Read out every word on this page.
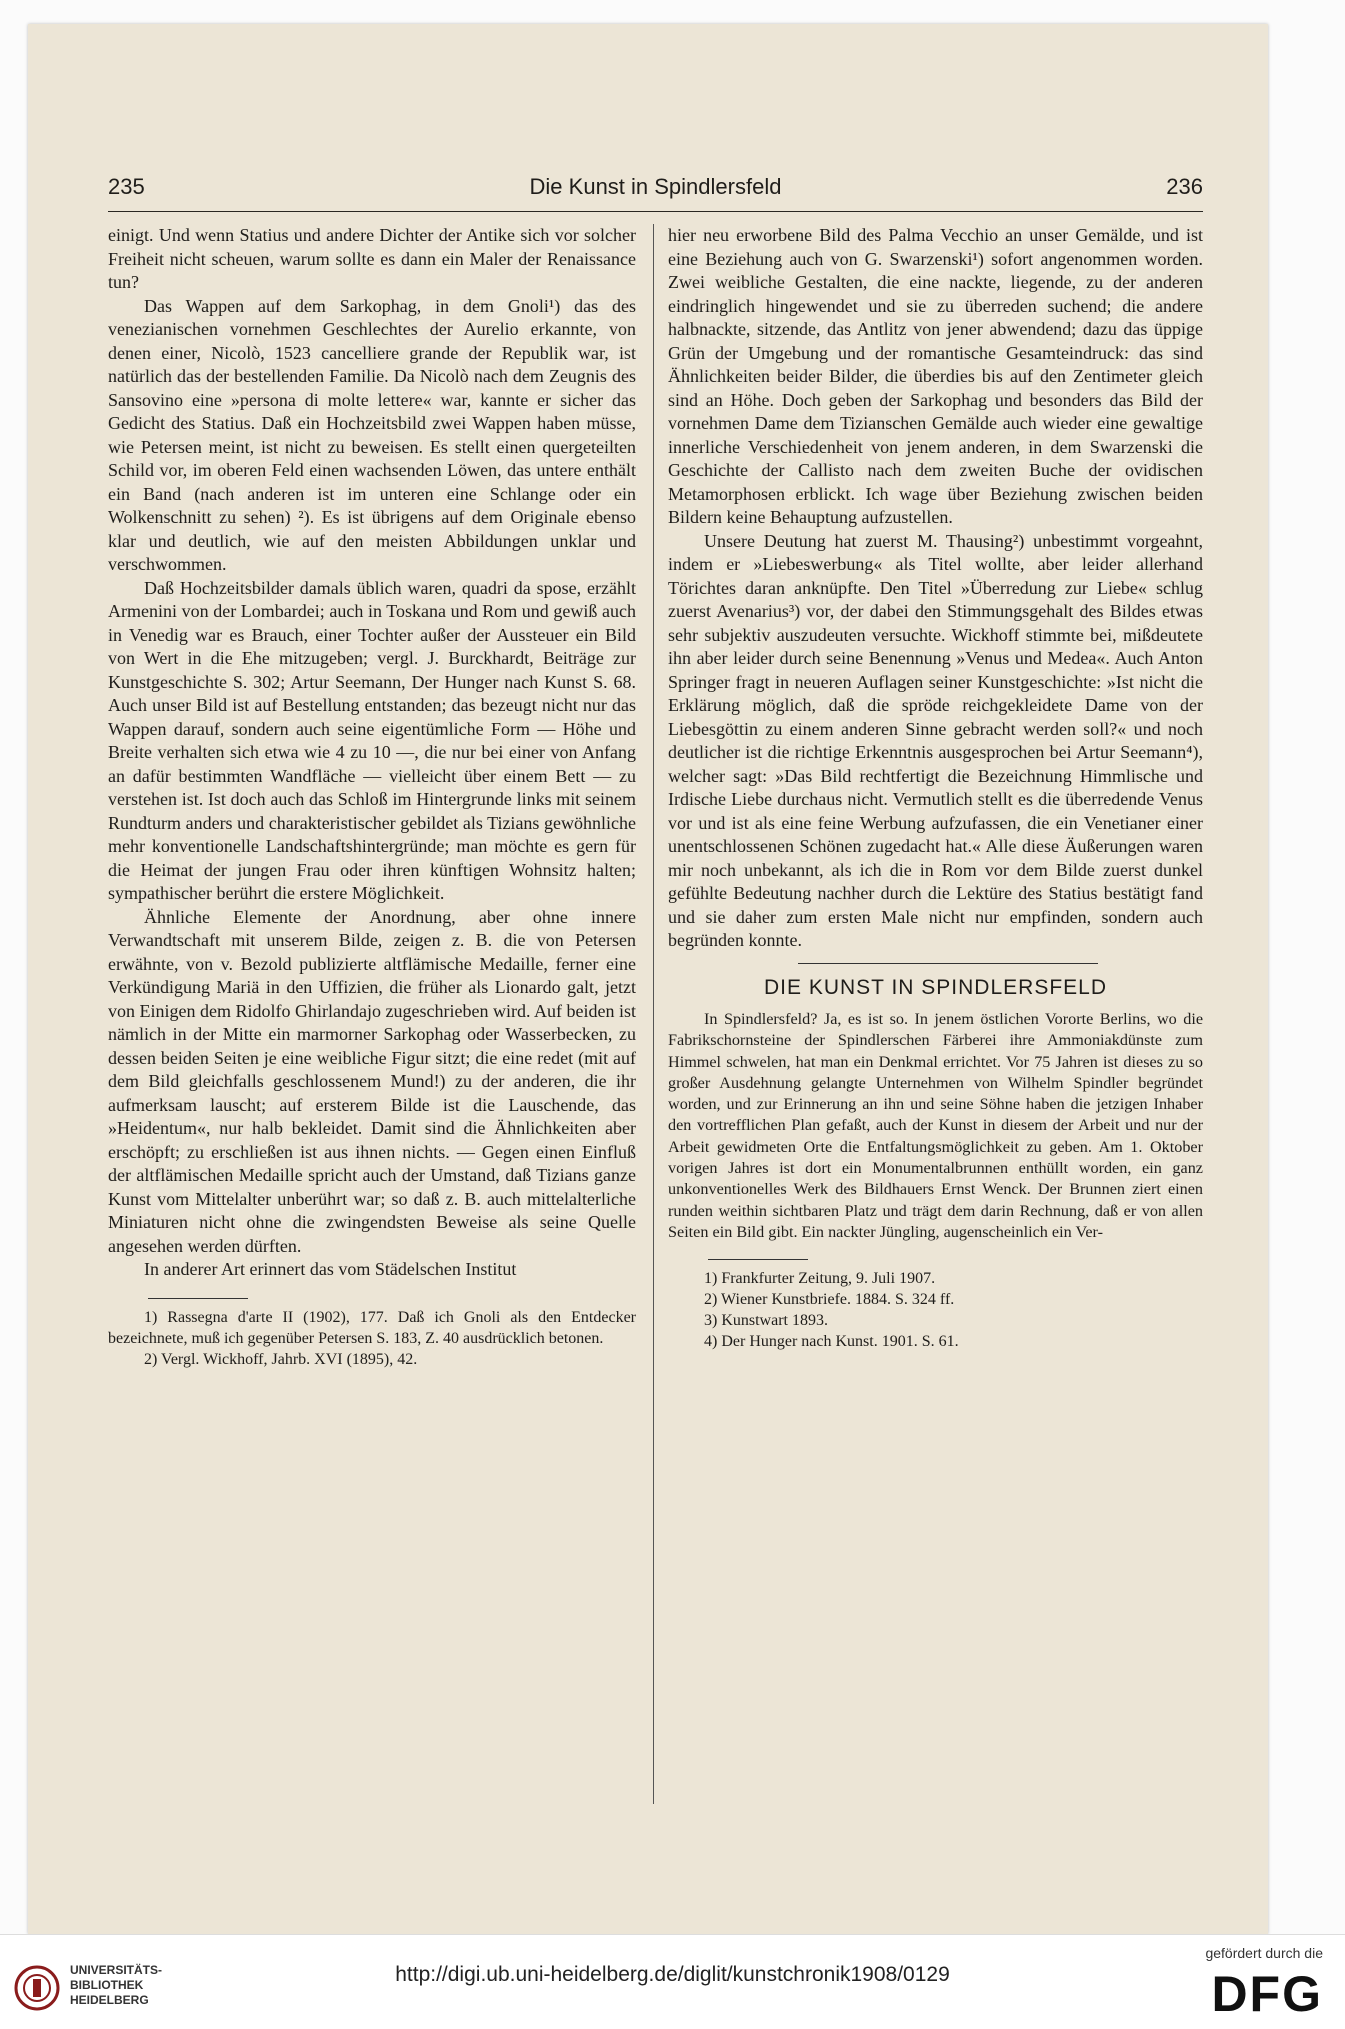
235	Die Kunst in Spindlersfeld	236

einigt. Und wenn Statius und andere Dichter der Antike sich vor solcher Freiheit nicht scheuen, warum sollte es dann ein Maler der Renaissance tun?

Das Wappen auf dem Sarkophag, in dem Gnoli¹) das des venezianischen vornehmen Geschlechtes der Aurelio erkannte, von denen einer, Nicolò, 1523 cancelliere grande der Republik war, ist natürlich das der bestellenden Familie. Da Nicolò nach dem Zeugnis des Sansovino eine »persona di molte lettere« war, kannte er sicher das Gedicht des Statius. Daß ein Hochzeitsbild zwei Wappen haben müsse, wie Petersen meint, ist nicht zu beweisen. Es stellt einen quergeteilten Schild vor, im oberen Feld einen wachsenden Löwen, das untere enthält ein Band (nach anderen ist im unteren eine Schlange oder ein Wolkenschnitt zu sehen) ²). Es ist übrigens auf dem Originale ebenso klar und deutlich, wie auf den meisten Abbildungen unklar und verschwommen.

Daß Hochzeitsbilder damals üblich waren, quadri da spose, erzählt Armenini von der Lombardei; auch in Toskana und Rom und gewiß auch in Venedig war es Brauch, einer Tochter außer der Aussteuer ein Bild von Wert in die Ehe mitzugeben; vergl. J. Burckhardt, Beiträge zur Kunstgeschichte S. 302; Artur Seemann, Der Hunger nach Kunst S. 68. Auch unser Bild ist auf Bestellung entstanden; das bezeugt nicht nur das Wappen darauf, sondern auch seine eigentümliche Form — Höhe und Breite verhalten sich etwa wie 4 zu 10 —, die nur bei einer von Anfang an dafür bestimmten Wandfläche — vielleicht über einem Bett — zu verstehen ist. Ist doch auch das Schloß im Hintergrunde links mit seinem Rundturm anders und charakteristischer gebildet als Tizians gewöhnliche mehr konventionelle Landschaftshintergründe; man möchte es gern für die Heimat der jungen Frau oder ihren künftigen Wohnsitz halten; sympathischer berührt die erstere Möglichkeit.

Ähnliche Elemente der Anordnung, aber ohne innere Verwandtschaft mit unserem Bilde, zeigen z. B. die von Petersen erwähnte, von v. Bezold publizierte altflämische Medaille, ferner eine Verkündigung Mariä in den Uffizien, die früher als Lionardo galt, jetzt von Einigen dem Ridolfo Ghirlandajo zugeschrieben wird. Auf beiden ist nämlich in der Mitte ein marmorner Sarkophag oder Wasserbecken, zu dessen beiden Seiten je eine weibliche Figur sitzt; die eine redet (mit auf dem Bild gleichfalls geschlossenem Mund!) zu der anderen, die ihr aufmerksam lauscht; auf ersterem Bilde ist die Lauschende, das »Heidentum«, nur halb bekleidet. Damit sind die Ähnlichkeiten aber erschöpft; zu erschließen ist aus ihnen nichts. — Gegen einen Einfluß der altflämischen Medaille spricht auch der Umstand, daß Tizians ganze Kunst vom Mittelalter unberührt war; so daß z. B. auch mittelalterliche Miniaturen nicht ohne die zwingendsten Beweise als seine Quelle angesehen werden dürften.

In anderer Art erinnert das vom Städelschen Institut

1) Rassegna d'arte II (1902), 177. Daß ich Gnoli als den Entdecker bezeichnete, muß ich gegenüber Petersen S. 183, Z. 40 ausdrücklich betonen.

2) Vergl. Wickhoff, Jahrb. XVI (1895), 42.

hier neu erworbene Bild des Palma Vecchio an unser Gemälde, und ist eine Beziehung auch von G. Swarzenski¹) sofort angenommen worden. Zwei weibliche Gestalten, die eine nackte, liegende, zu der anderen eindringlich hingewendet und sie zu überreden suchend; die andere halbnackte, sitzende, das Antlitz von jener abwendend; dazu das üppige Grün der Umgebung und der romantische Gesamteindruck: das sind Ähnlichkeiten beider Bilder, die überdies bis auf den Zentimeter gleich sind an Höhe. Doch geben der Sarkophag und besonders das Bild der vornehmen Dame dem Tizianschen Gemälde auch wieder eine gewaltige innerliche Verschiedenheit von jenem anderen, in dem Swarzenski die Geschichte der Callisto nach dem zweiten Buche der ovidischen Metamorphosen erblickt. Ich wage über Beziehung zwischen beiden Bildern keine Behauptung aufzustellen.

Unsere Deutung hat zuerst M. Thausing²) unbestimmt vorgeahnt, indem er »Liebeswerbung« als Titel wollte, aber leider allerhand Törichtes daran anknüpfte. Den Titel »Überredung zur Liebe« schlug zuerst Avenarius³) vor, der dabei den Stimmungsgehalt des Bildes etwas sehr subjektiv auszudeuten versuchte. Wickhoff stimmte bei, mißdeutete ihn aber leider durch seine Benennung »Venus und Medea«. Auch Anton Springer fragt in neueren Auflagen seiner Kunstgeschichte: »Ist nicht die Erklärung möglich, daß die spröde reichgekleidete Dame von der Liebesgöttin zu einem anderen Sinne gebracht werden soll?« und noch deutlicher ist die richtige Erkenntnis ausgesprochen bei Artur Seemann⁴), welcher sagt: »Das Bild rechtfertigt die Bezeichnung Himmlische und Irdische Liebe durchaus nicht. Vermutlich stellt es die überredende Venus vor und ist als eine feine Werbung aufzufassen, die ein Venetianer einer unentschlossenen Schönen zugedacht hat.« Alle diese Äußerungen waren mir noch unbekannt, als ich die in Rom vor dem Bilde zuerst dunkel gefühlte Bedeutung nachher durch die Lektüre des Statius bestätigt fand und sie daher zum ersten Male nicht nur empfinden, sondern auch begründen konnte.

DIE KUNST IN SPINDLERSFELD

In Spindlersfeld? Ja, es ist so. In jenem östlichen Vororte Berlins, wo die Fabrikschornsteine der Spindlerschen Färberei ihre Ammoniakdünste zum Himmel schwelen, hat man ein Denkmal errichtet. Vor 75 Jahren ist dieses zu so großer Ausdehnung gelangte Unternehmen von Wilhelm Spindler begründet worden, und zur Erinnerung an ihn und seine Söhne haben die jetzigen Inhaber den vortrefflichen Plan gefaßt, auch der Kunst in diesem der Arbeit und nur der Arbeit gewidmeten Orte die Entfaltungsmöglichkeit zu geben. Am 1. Oktober vorigen Jahres ist dort ein Monumentalbrunnen enthüllt worden, ein ganz unkonventionelles Werk des Bildhauers Ernst Wenck. Der Brunnen ziert einen runden weithin sichtbaren Platz und trägt dem darin Rechnung, daß er von allen Seiten ein Bild gibt. Ein nackter Jüngling, augenscheinlich ein Ver-

1) Frankfurter Zeitung, 9. Juli 1907.

2) Wiener Kunstbriefe. 1884. S. 324 ff.

3) Kunstwart 1893.

4) Der Hunger nach Kunst. 1901. S. 61.

UNIVERSITÄTS-
BIBLIOTHEK
HEIDELBERG
http://digi.ub.uni-heidelberg.de/diglit/kunstchronik1908/0129
gefördert durch die
DFG
